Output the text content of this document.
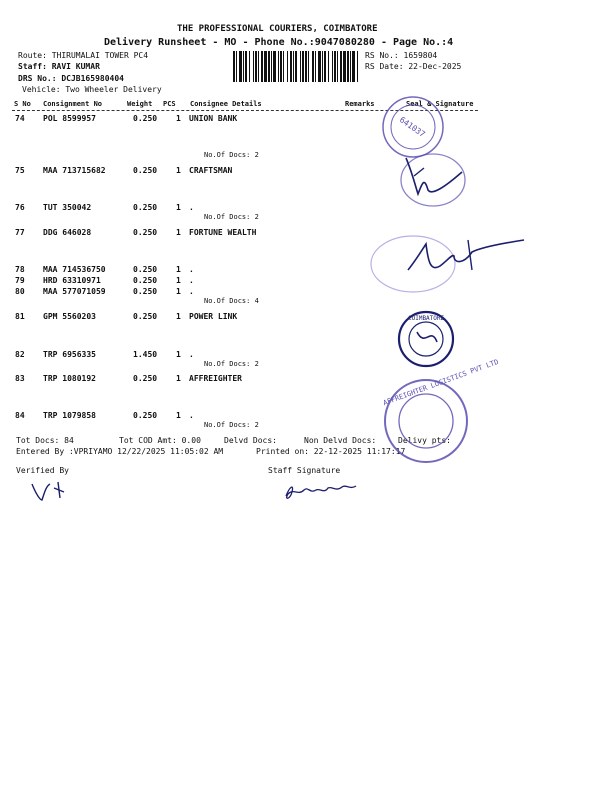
THE PROFESSIONAL COURIERS, COIMBATORE
Delivery Runsheet - MO - Phone No.:9047080280 - Page No.:4
Route: THIRUMALAI TOWER PC4
Staff: RAVI KUMAR
DRS No.: DCJB165980404
Vehicle: Two Wheeler Delivery
RS No.: 1659804
RS Date: 22-Dec-2025
S No Consignment No	Weight PCS Consignee Details	Remarks	Seal & Signature
74 POL 8599957	0.250 1 UNION BANK
No.Of Docs: 2
75 MAA 713715682	0.250 1 CRAFTSMAN
76 TUT 350042	0.250 1 .
No.Of Docs: 2
77 DDG 646028	0.250 1 FORTUNE WEALTH
78 MAA 714536750	0.250 1 .
79 HRD 63310971	0.250 1 .
80 MAA 577071059	0.250 1 .
No.Of Docs: 4
81 GPM 5560203	0.250 1 POWER LINK
82 TRP 6956335	1.450 1 .
No.Of Docs: 2
83 TRP 1080192	0.250 1 AFFREIGHTER
84 TRP 1079858	0.250 1 .
No.Of Docs: 2
Tot Docs: 84	Tot COD Amt: 0.00	Delvd Docs:	Non Delvd Docs:	Delivy pts:
Entered By :VPRIYAMO 12/22/2025 11:05:02 AM	Printed on: 22-12-2025 11:17:17
Verified By	Staff Signature
641037
COIMBATORE
AFFREIGHTER LOGISTICS PVT LTD
